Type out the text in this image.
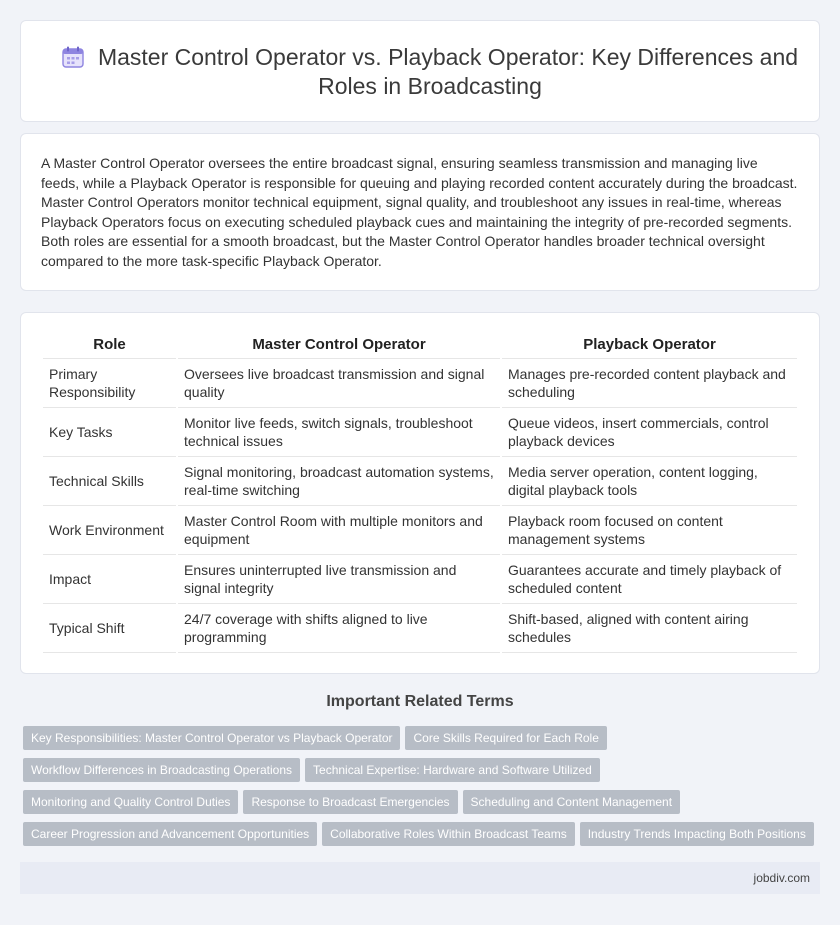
Master Control Operator vs. Playback Operator: Key Differences and Roles in Broadcasting

A Master Control Operator oversees the entire broadcast signal, ensuring seamless transmission and managing live feeds, while a Playback Operator is responsible for queuing and playing recorded content accurately during the broadcast. Master Control Operators monitor technical equipment, signal quality, and troubleshoot any issues in real-time, whereas Playback Operators focus on executing scheduled playback cues and maintaining the integrity of pre-recorded segments. Both roles are essential for a smooth broadcast, but the Master Control Operator handles broader technical oversight compared to the more task-specific Playback Operator.

Role	Master Control Operator	Playback Operator
Primary Responsibility	Oversees live broadcast transmission and signal quality	Manages pre-recorded content playback and scheduling
Key Tasks	Monitor live feeds, switch signals, troubleshoot technical issues	Queue videos, insert commercials, control playback devices
Technical Skills	Signal monitoring, broadcast automation systems, real-time switching	Media server operation, content logging, digital playback tools
Work Environment	Master Control Room with multiple monitors and equipment	Playback room focused on content management systems
Impact	Ensures uninterrupted live transmission and signal integrity	Guarantees accurate and timely playback of scheduled content
Typical Shift	24/7 coverage with shifts aligned to live programming	Shift-based, aligned with content airing schedules
Important Related Terms
Key Responsibilities: Master Control Operator vs Playback Operator Core Skills Required for Each Role
Workflow Differences in Broadcasting Operations Technical Expertise: Hardware and Software Utilized
Monitoring and Quality Control Duties Response to Broadcast Emergencies Scheduling and Content Management
Career Progression and Advancement Opportunities Collaborative Roles Within Broadcast Teams Industry Trends Impacting Both Positions
jobdiv.com
